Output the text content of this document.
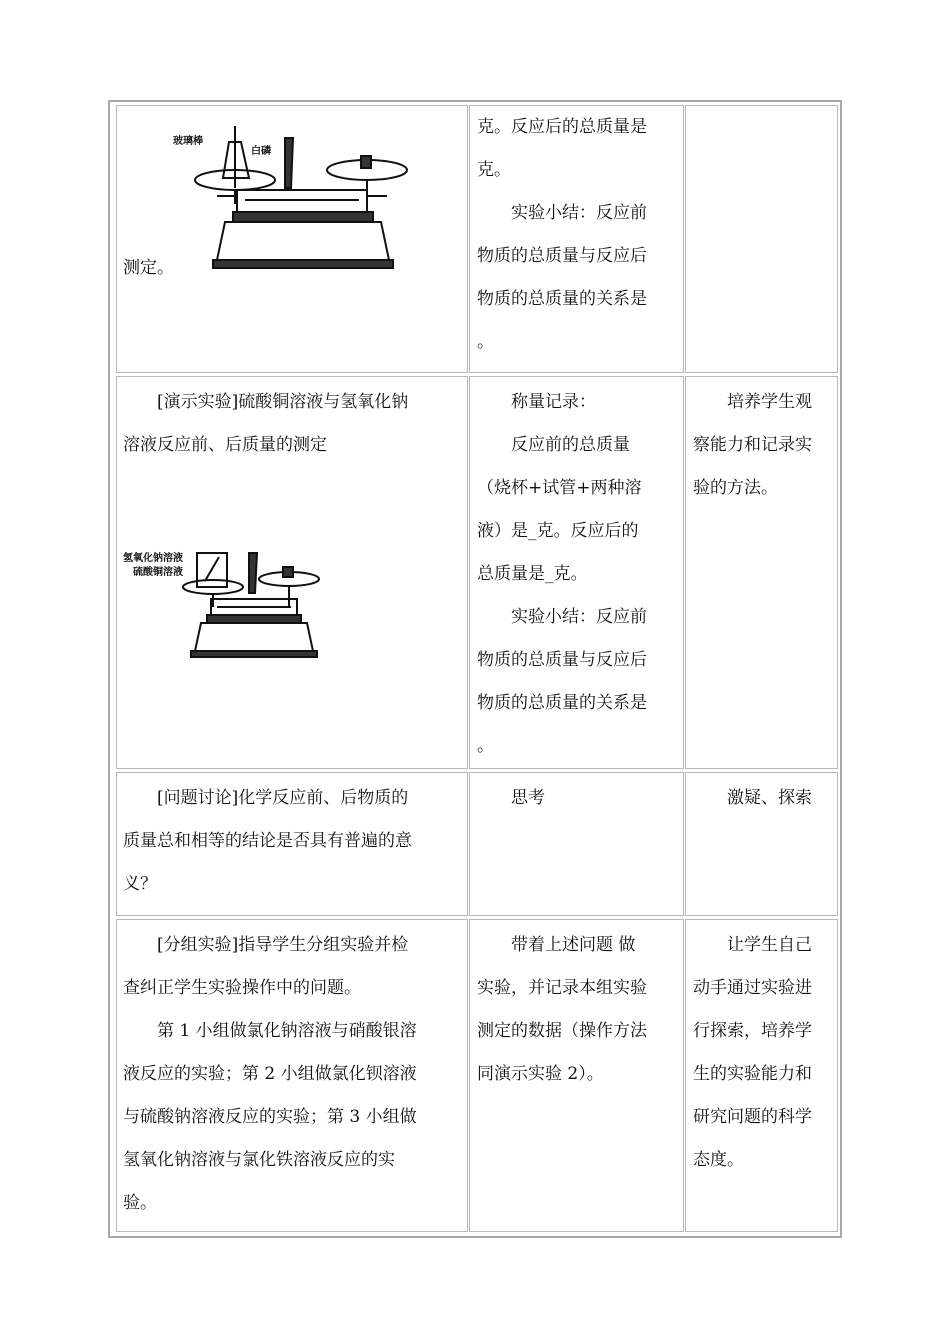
玻璃棒
白磷

测定。

克。反应后的总质量是

克。

实验小结：反应前

物质的总质量与反应后

物质的总质量的关系是

。

[演示实验]硫酸铜溶液与氢氧化钠

溶液反应前、后质量的测定

氢氧化钠溶液
硫酸铜溶液

称量记录：

反应前的总质量

（烧杯+试管+两种溶

液）是_克。反应后的

总质量是_克。

实验小结：反应前

物质的总质量与反应后

物质的总质量的关系是

。

培养学生观

察能力和记录实

验的方法。

[问题讨论]化学反应前、后物质的

质量总和相等的结论是否具有普遍的意

义？

思考	激疑、探索

[分组实验]指导学生分组实验并检

查纠正学生实验操作中的问题。

第 1 小组做氯化钠溶液与硝酸银溶

液反应的实验；第 2 小组做氯化钡溶液

与硫酸钠溶液反应的实验；第 3 小组做

氢氧化钠溶液与氯化铁溶液反应的实

验。

带着上述问题 做

实验，并记录本组实验

测定的数据（操作方法

同演示实验 2）。

让学生自己

动手通过实验进

行探索，培养学

生的实验能力和

研究问题的科学

态度。
